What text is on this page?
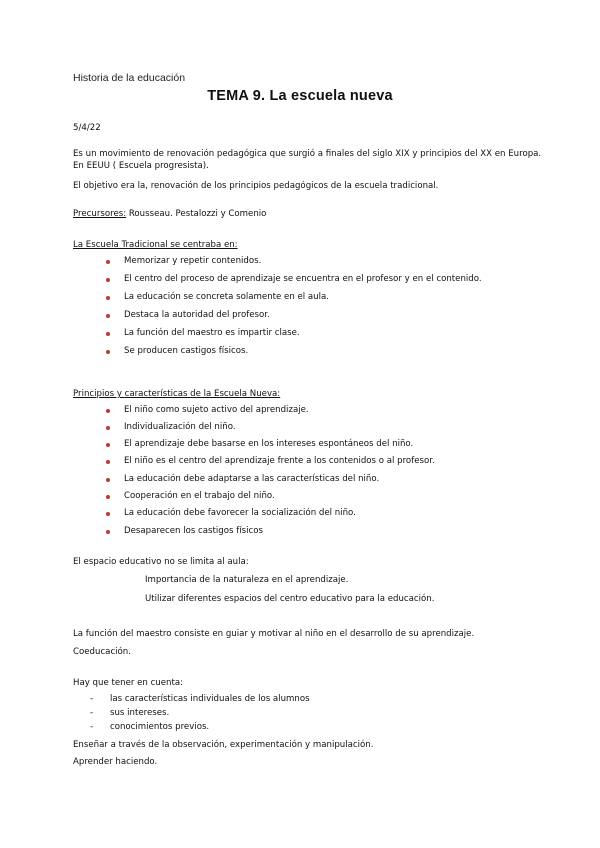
Historia de la educación
TEMA 9. La escuela nueva
5/4/22
Es un movimiento de renovación pedagógica que surgió a finales del siglo XIX y principios del XX en Europa. En EEUU ( Escuela progresista).
El objetivo era la, renovación de los principios pedagógicos de la escuela tradicional.
Precursores: Rousseau. Pestalozzi y Comenio
La Escuela Tradicional se centraba en:
Memorizar y repetir contenidos.
El centro del proceso de aprendizaje se encuentra en el profesor y en el contenido.
La educación se concreta solamente en el aula.
Destaca la autoridad del profesor.
La función del maestro es impartir clase.
Se producen castigos físicos.
Principios y características de la Escuela Nueva:
El niño como sujeto activo del aprendizaje.
Individualización del niño.
El aprendizaje debe basarse en los intereses espontáneos del niño.
El niño es el centro del aprendizaje frente a los contenidos o al profesor.
La educación debe adaptarse a las características del niño.
Cooperación en el trabajo del niño.
La educación debe favorecer la socialización del niño.
Desaparecen los castigos físicos
El espacio educativo no se limita al aula:
Importancia de la naturaleza en el aprendizaje.
Utilizar diferentes espacios del centro educativo para la educación.
La función del maestro consiste en guiar y motivar al niño en el desarrollo de su aprendizaje.
Coeducación.
Hay que tener en cuenta:
- las características individuales de los alumnos
- sus intereses.
- conocimientos previos.
Enseñar a través de la observación, experimentación y manipulación.
Aprender haciendo.
